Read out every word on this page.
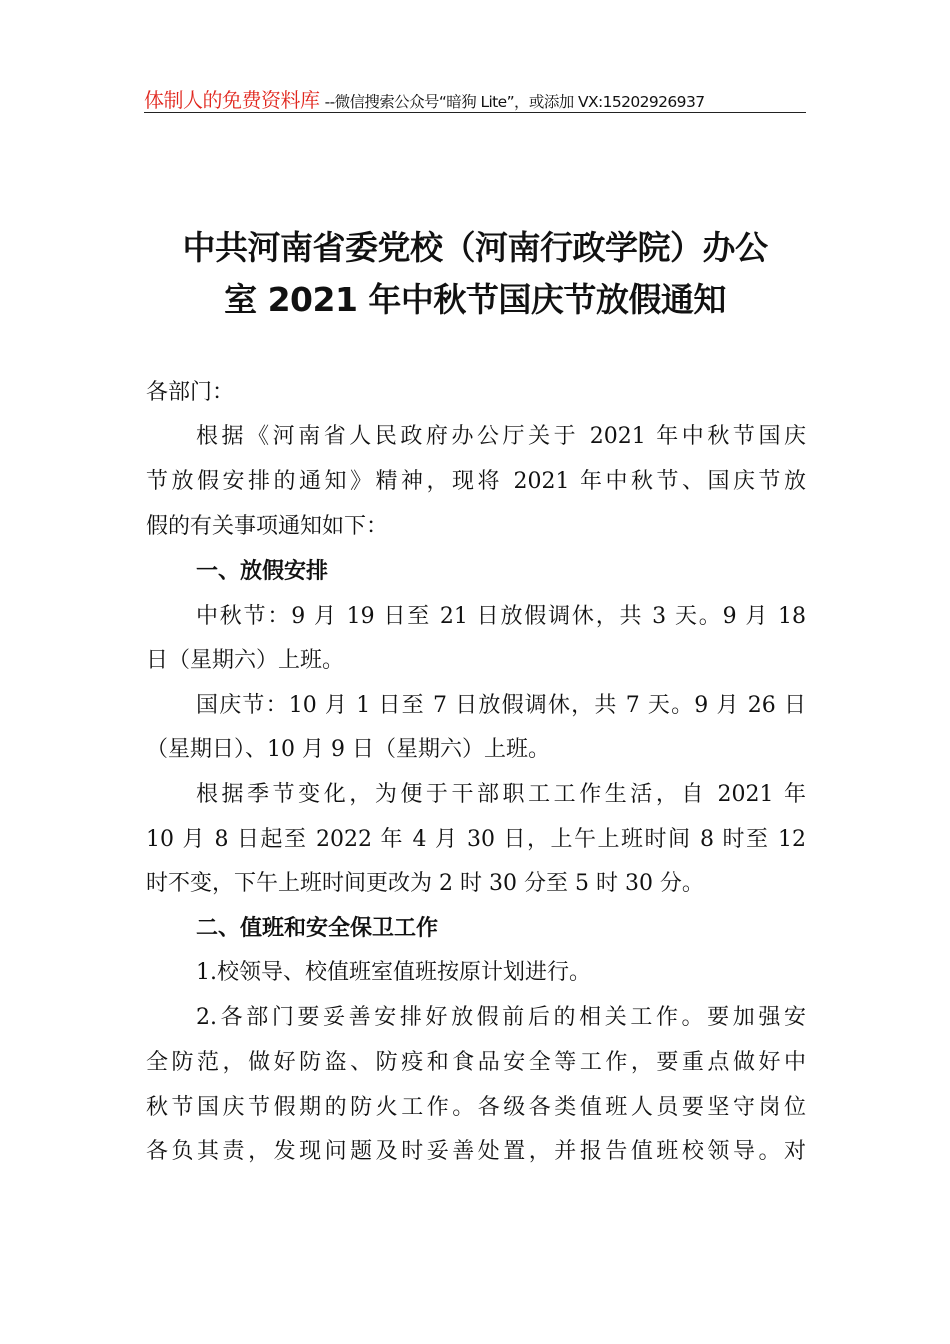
体制人的免费资料库 --微信搜索公众号“暗狗 Lite”，或添加 VX:15202926937
中共河南省委党校（河南行政学院）办公
室 2021 年中秋节国庆节放假通知
各部门：
根据《河南省人民政府办公厅关于 2021 年中秋节国庆
节放假安排的通知》精神，现将 2021 年中秋节、国庆节放
假的有关事项通知如下：
一、放假安排
中秋节：9 月 19 日至 21 日放假调休，共 3 天。9 月 18
日（星期六）上班。
国庆节：10 月 1 日至 7 日放假调休，共 7 天。9 月 26 日
（星期日）、10 月 9 日（星期六）上班。
根据季节变化，为便于干部职工工作生活，自 2021 年
10 月 8 日起至 2022 年 4 月 30 日，上午上班时间 8 时至 12
时不变，下午上班时间更改为 2 时 30 分至 5 时 30 分。
二、值班和安全保卫工作
1.校领导、校值班室值班按原计划进行。
2.各部门要妥善安排好放假前后的相关工作。要加强安
全防范，做好防盗、防疫和食品安全等工作，要重点做好中
秋节国庆节假期的防火工作。各级各类值班人员要坚守岗位
各负其责，发现问题及时妥善处置，并报告值班校领导。对
